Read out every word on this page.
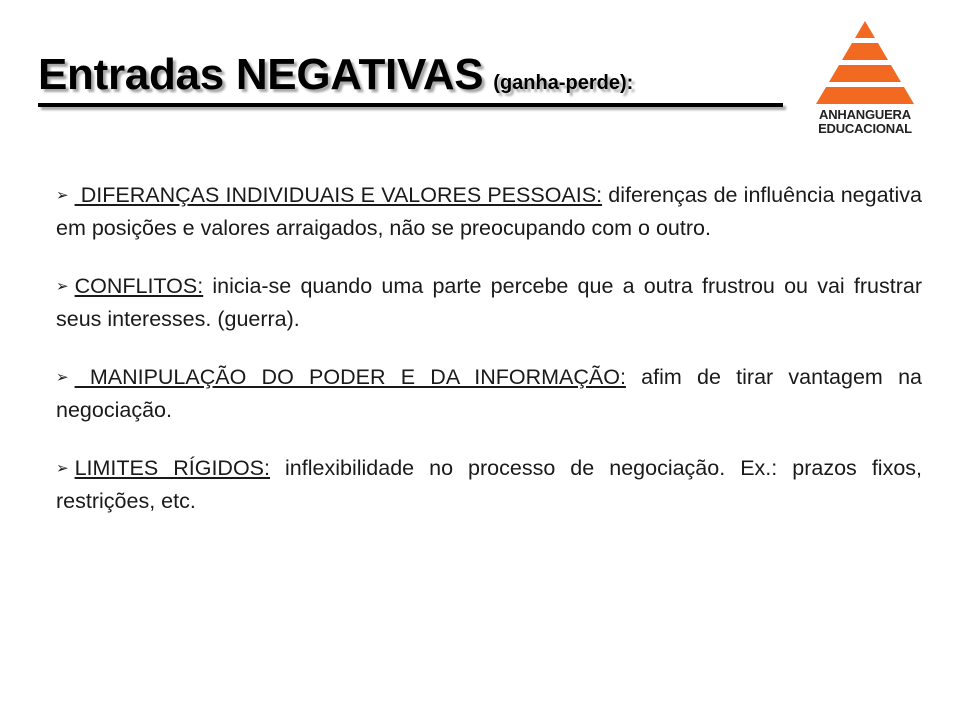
Entradas NEGATIVAS (ganha-perde):
ANHANGUERA
EDUCACIONAL

➢ DIFERANÇAS INDIVIDUAIS E VALORES PESSOAIS: diferenças de influência negativa em posições e valores arraigados, não se preocupando com o outro.

➢ CONFLITOS: inicia-se quando uma parte percebe que a outra frustrou ou vai frustrar seus interesses. (guerra).

➢ MANIPULAÇÃO DO PODER E DA INFORMAÇÃO: afim de tirar vantagem na negociação.

➢ LIMITES RÍGIDOS: inflexibilidade no processo de negociação. Ex.: prazos fixos, restrições, etc.
